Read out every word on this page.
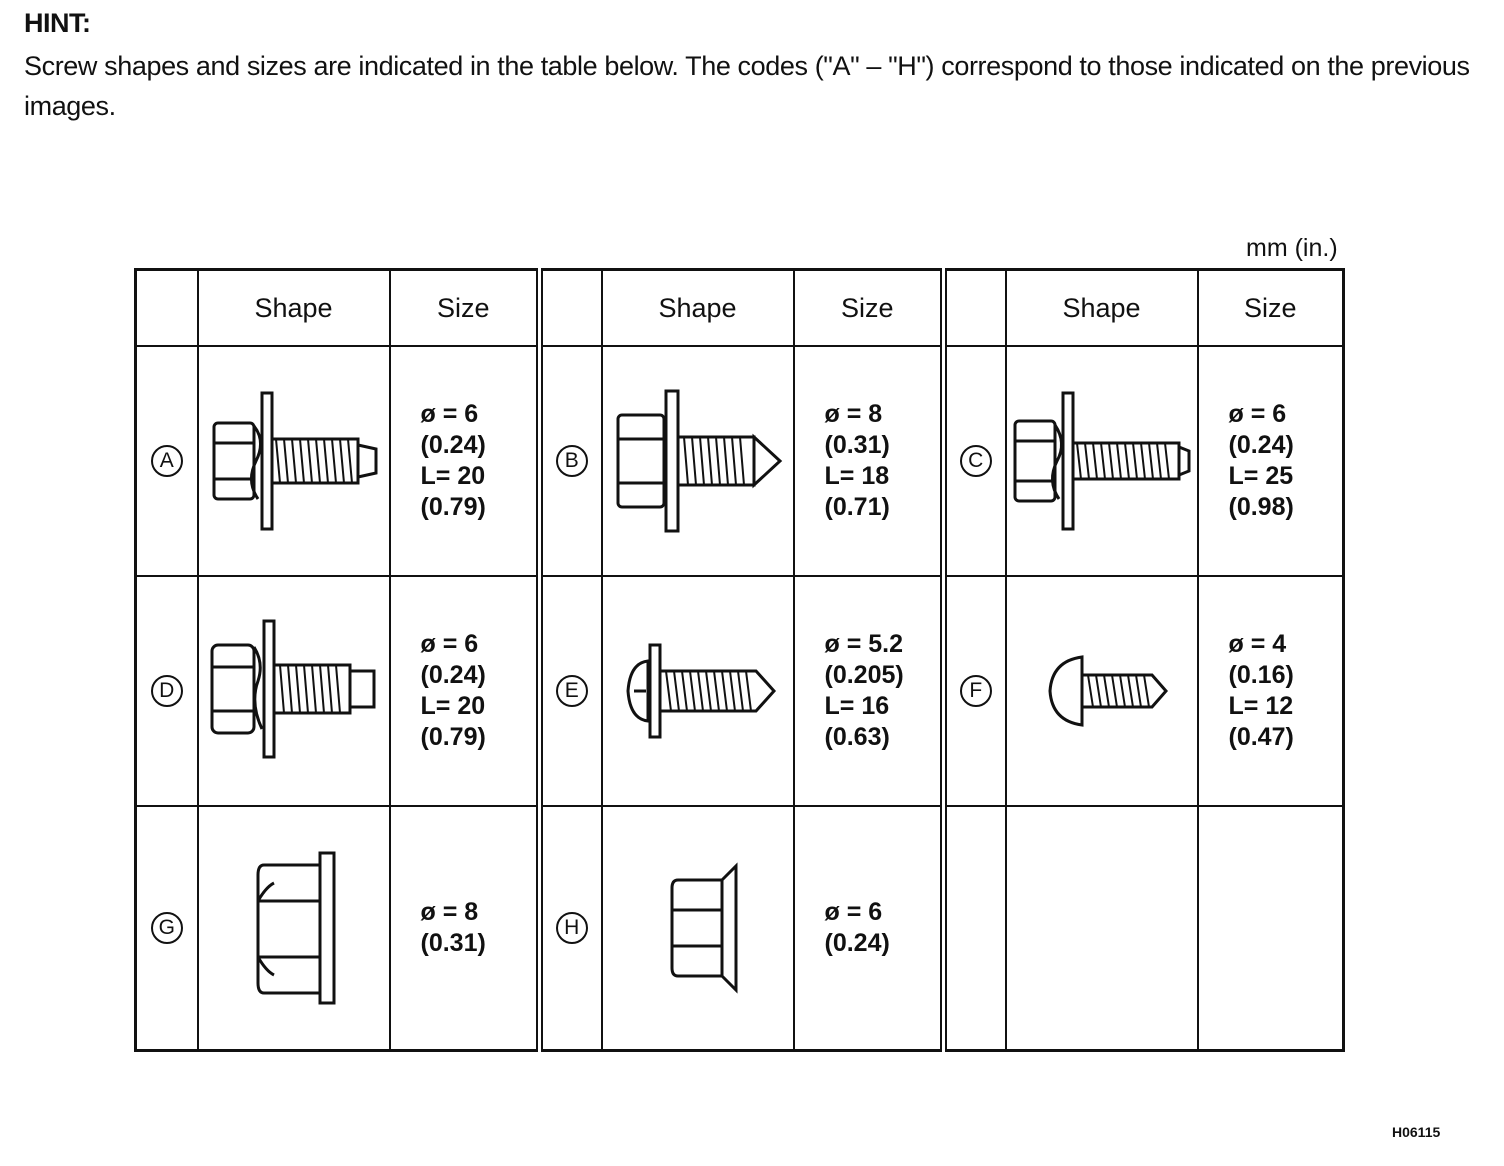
HINT:
Screw shapes and sizes are indicated in the table below. The codes ("A" – "H") correspond to those indicated on the previous images.
mm (in.)
	Shape	Size		Shape	Size		Shape	Size
A		ø = 6
(0.24)
L= 20
(0.79)	B		ø = 8
(0.31)
L= 18
(0.71)	C		ø = 6
(0.24)
L= 25
(0.98)
D		ø = 6
(0.24)
L= 20
(0.79)	E		ø = 5.2
(0.205)
L= 16
(0.63)	F		ø = 4
(0.16)
L= 12
(0.47)
G		ø = 8
(0.31)	H		ø = 6
(0.24)			
H06115
